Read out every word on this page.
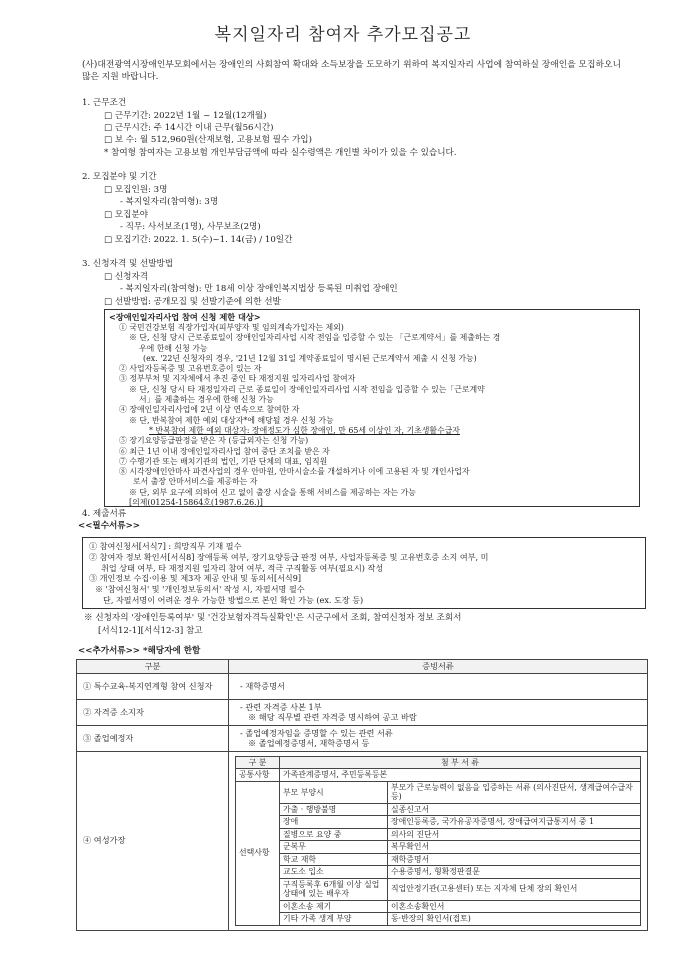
복지일자리 참여자 추가모집공고
(사)대전광역시장애인부모회에서는 장애인의 사회참여 확대와 소득보장을 도모하기 위하여 복지일자리 사업에 참여하실 장애인을 모집하오니 많은 지원 바랍니다.
1. 근무조건
□ 근무기간: 2022년 1월 ~ 12월(12개월)
□ 근무시간: 주 14시간 이내 근무(월56시간)
□ 보 수: 월 512,960원(산재보험, 고용보험 필수 가입)
* 참여형 참여자는 고용보험 개인부담금액에 따라 실수령액은 개인별 차이가 있을 수 있습니다.
2. 모집분야 및 기간
□ 모집인원: 3명
- 복지일자리(참여형): 3명
□ 모집분야
- 직무: 사서보조(1명), 사무보조(2명)
□ 모집기간: 2022. 1. 5(수)~1. 14(금) / 10일간
3. 신청자격 및 선발방법
□ 신청자격
- 복지일자리(참여형): 만 18세 이상 장애인복지법상 등록된 미취업 장애인
□ 선발방법: 공개모집 및 선발기준에 의한 선발
<장애인일자리사업 참여 신청 제한 대상>
① 국민건강보험 직장가입자(피부양자 및 임의계속가입자는 제외)
※ 단, 신청 당시 근로종료일이 장애인일자리사업 시작 전임을 입증할 수 있는 「근로계약서」를 제출하는 경
우에 한해 신청 가능
(ex. '22년 신청자의 경우, '21년 12월 31일 계약종료일이 명시된 근로계약서 제출 시 신청 가능)
② 사업자등록증 및 고유번호증이 있는 자
③ 정부부처 및 지자체에서 추진 중인 타 재정지원 일자리사업 참여자
※ 단, 신청 당시 타 재정일자리 근로 종료일이 장애인일자리사업 시작 전임을 입증할 수 있는「근로계약
서」를 제출하는 경우에 한해 신청 가능
④ 장애인일자리사업에 2년 이상 연속으로 참여한 자
※ 단, 반복참여 제한 예외 대상자*에 해당될 경우 신청 가능
* 반복참여 제한 예외 대상자: 장애정도가 심한 장애인, 만 65세 이상인 자, 기초생활수급자
⑤ 장기요양등급판정을 받은 자 (등급외자는 신청 가능)
⑥ 최근 1년 이내 장애인일자리사업 참여 중단 조치를 받은 자
⑦ 수행기관 또는 배치기관의 법인, 기관 단체의 대표, 임직원
⑧ 시각장애인안마사 파견사업의 경우 안마원, 안마시술소를 개설하거나 이에 고용된 자 및 개인사업자
로서 출장 안마서비스를 제공하는 자
※ 단, 외부 요구에 의하여 신고 없이 출장 시술을 통해 서비스를 제공하는 자는 가능
[의제(01254-15864호(1987.6.26.)]
4. 제출서류
<<필수서류>>
① 참여신청서[서식7] : 희망직무 기재 필수
② 참여자 정보 확인서[서식8] 장애등록 여부, 장기요양등급 판정 여부, 사업자등록증 및 고유번호증 소지 여부, 미
취업 상태 여부, 타 재정지원 일자리 참여 여부, 적극 구직활동 여부(필요시) 작성
③ 개인정보 수집·이용 및 제3자 제공 안내 및 동의서[서식9]
※ '참여신청서' 및 '개인정보동의서' 작성 시, 자필서명 필수
단, 자필서명이 어려운 경우 가능한 방법으로 본인 확인 가능 (ex. 도장 등)
※ 신청자의 '장애인등록여부' 및 '건강보험자격득실확인'은 시군구에서 조회, 참여신청자 정보 조회서
[서식12-1][서식12-3] 참고
<<추가서류>> *해당자에 한함
구분	증빙서류
① 특수교육-복지연계형 참여 신청자	- 재학증명서

② 자격증 소지자	
- 관련 자격증 사본 1부
※ 해당 직무별 관련 자격증 명시하여 공고 바람

③ 졸업예정자	
- 졸업예정자임을 증명할 수 있는 관련 서류
※ 졸업예정증명서, 재학증명서 등

④ 여성가장	
구 분	첨 부 서 류
공통사항	가족관계증명서, 주민등록등본
선택사항	부모 부양시	부모가 근로능력이 없음을 입증하는 서류 (의사진단서, 생계급여수급자 등)
가출 · 행방불명	실종신고서
장애	장애인등록증, 국가유공자증명서, 장애급여지급통지서 중 1
질병으로 요양 중	의사의 진단서
군복무	복무확인서
학교 재학	재학증명서
교도소 입소	수용증명서, 형확정판결문
구직등록후 6개월 이상 실업상태에 있는 배우자	직업안정기관(고용센터) 또는 지자체 단체 장의 확인서
이혼소송 제기	이혼소송확인서
기타 가족 생계 부양	동·반장의 확인서(접토)
